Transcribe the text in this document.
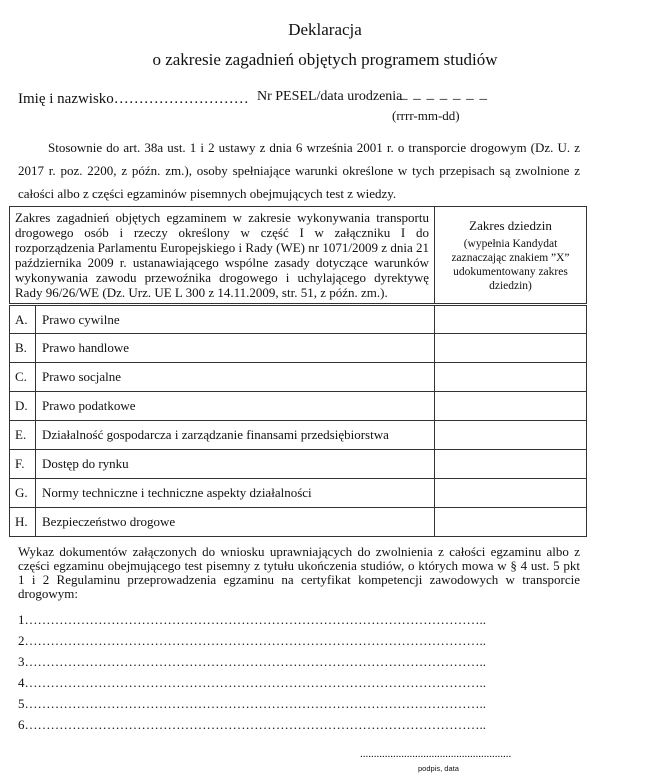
Deklaracja
o zakresie zagadnień objętych programem studiów
Imię i nazwisko……………………… Nr PESEL/data urodzenia
_ _ _ _ _ _ _
(rrrr-mm-dd)
Stosownie do art. 38a ust. 1 i 2 ustawy z dnia 6 września 2001 r. o transporcie drogowym (Dz. U. z 2017 r. poz. 2200, z późn. zm.), osoby spełniające warunki określone w tych przepisach są zwolnione z całości albo z części egzaminów pisemnych obejmujących test z wiedzy.
Zakres zagadnień objętych egzaminem w zakresie wykonywania transportu drogowego osób i rzeczy określony w część I w załączniku I do rozporządzenia Parlamentu Europejskiego i Rady (WE) nr 1071/2009 z dnia 21 października 2009 r. ustanawiającego wspólne zasady dotyczące warunków wykonywania zawodu przewoźnika drogowego i uchylającego dyrektywę Rady 96/26/WE (Dz. Urz. UE L 300 z 14.11.2009, str. 51, z późn. zm.).		Zakres dziedzin
(wypełnia Kandydat zaznaczając znakiem ”X” udokumentowany zakres dziedzin)

A.	Prawo cywilne	
B.	Prawo handlowe	
C.	Prawo socjalne	
D.	Prawo podatkowe	
E.	Działalność gospodarcza i zarządzanie finansami przedsiębiorstwa	
F.	Dostęp do rynku	
G.	Normy techniczne i techniczne aspekty działalności	
H.	Bezpieczeństwo drogowe	
Wykaz dokumentów załączonych do wniosku uprawniających do zwolnienia z całości egzaminu albo z części egzaminu obejmującego test pisemny z tytułu ukończenia studiów, o których mowa w § 4 ust. 5 pkt 1 i 2 Regulaminu przeprowadzenia egzaminu na certyfikat kompetencji zawodowych w transporcie drogowym:
1……………………………………………………………………………………………..
2……………………………………………………………………………………………..
3……………………………………………………………………………………………..
4……………………………………………………………………………………………..
5……………………………………………………………………………………………..
6……………………………………………………………………………………………..
.......................................................
podpis, data
